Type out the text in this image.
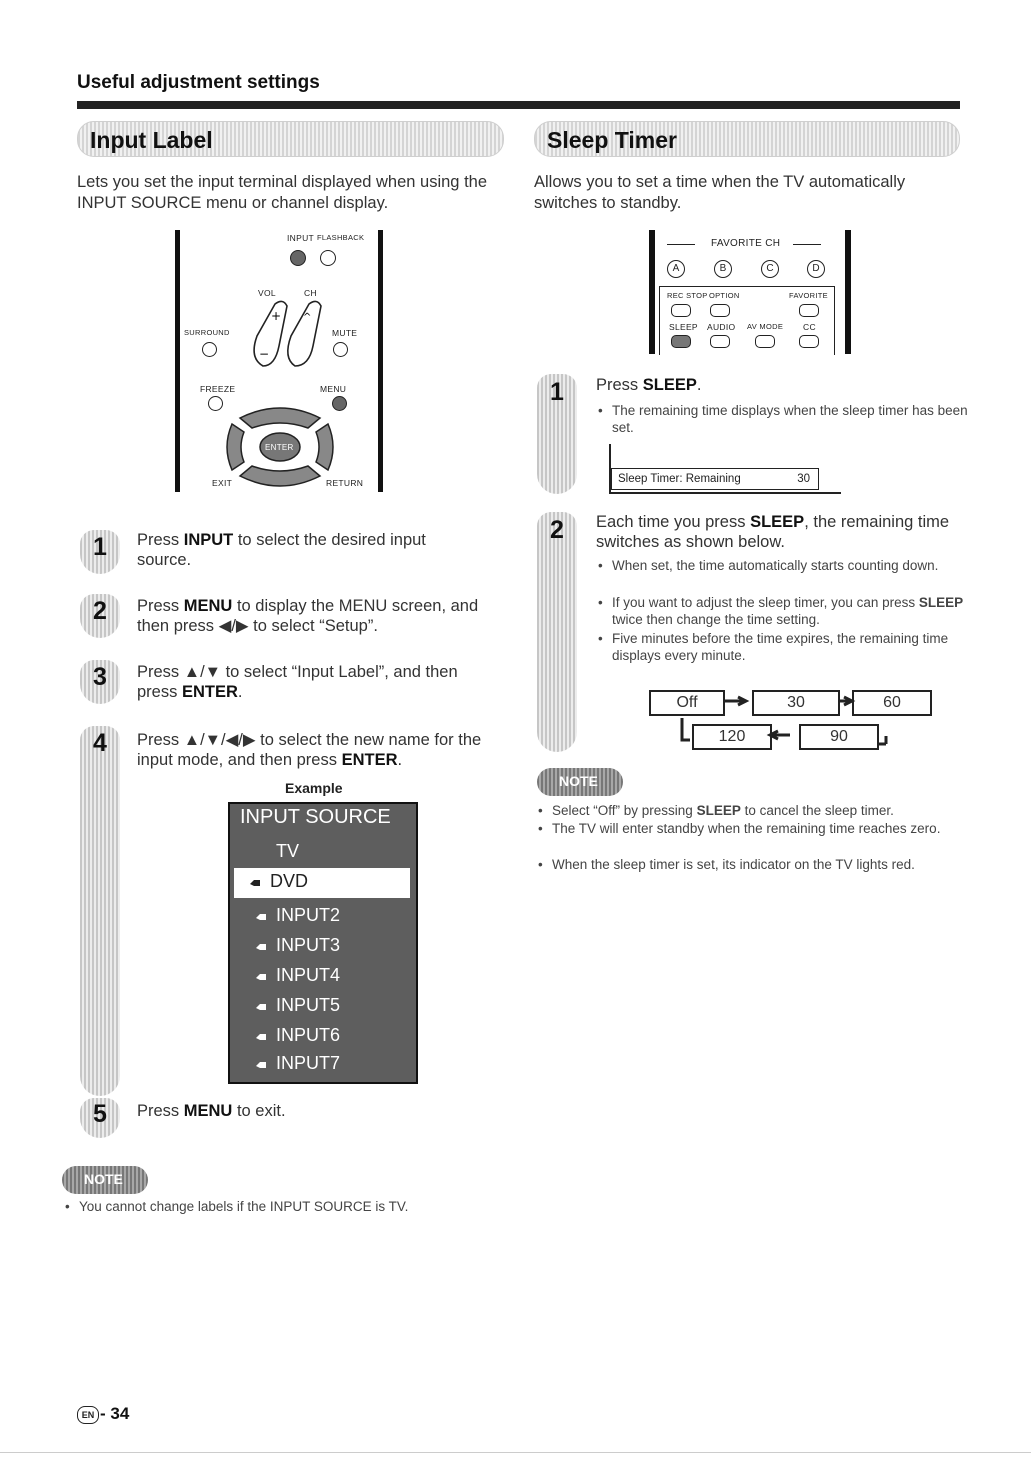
Useful adjustment settings
Input Label
Lets you set the input terminal displayed when using the INPUT SOURCE menu or channel display.
INPUT FLASHBACK
VOL	CH
+
−
^
SURROUND	MUTE
FREEZE	MENU
ENTER
EXIT	RETURN
1
2
3
4
5
Press INPUT to select the desired input source.
Press MENU to display the MENU screen, and then press ◀/▶ to select “Setup”.
Press ▲/▼ to select “Input Label”, and then press ENTER.
Press ▲/▼/◀/▶ to select the new name for the input mode, and then press ENTER.
Example
INPUT SOURCE
TV
DVD
INPUT2
INPUT3
INPUT4
INPUT5
INPUT6
INPUT7
Press MENU to exit.
NOTE
• You cannot change labels if the INPUT SOURCE is TV.
Sleep Timer
Allows you to set a time when the TV automatically switches to standby.
FAVORITE CH
A	B	C	D
REC STOP OPTION	FAVORITE
SLEEP AUDIO AV MODE CC
1	Press SLEEP.
• The remaining time displays when the sleep timer has been set.
Sleep Timer: Remaining	30
2	Each time you press SLEEP, the remaining time switches as shown below.
• When set, the time automatically starts counting down.
• If you want to adjust the sleep timer, you can press SLEEP twice then change the time setting.
• Five minutes before the time expires, the remaining time displays every minute.
Off	30	60
120	90
NOTE
• Select “Off” by pressing SLEEP to cancel the sleep timer.
• The TV will enter standby when the remaining time reaches zero.
• When the sleep timer is set, its indicator on the TV lights red.
EN - 34
